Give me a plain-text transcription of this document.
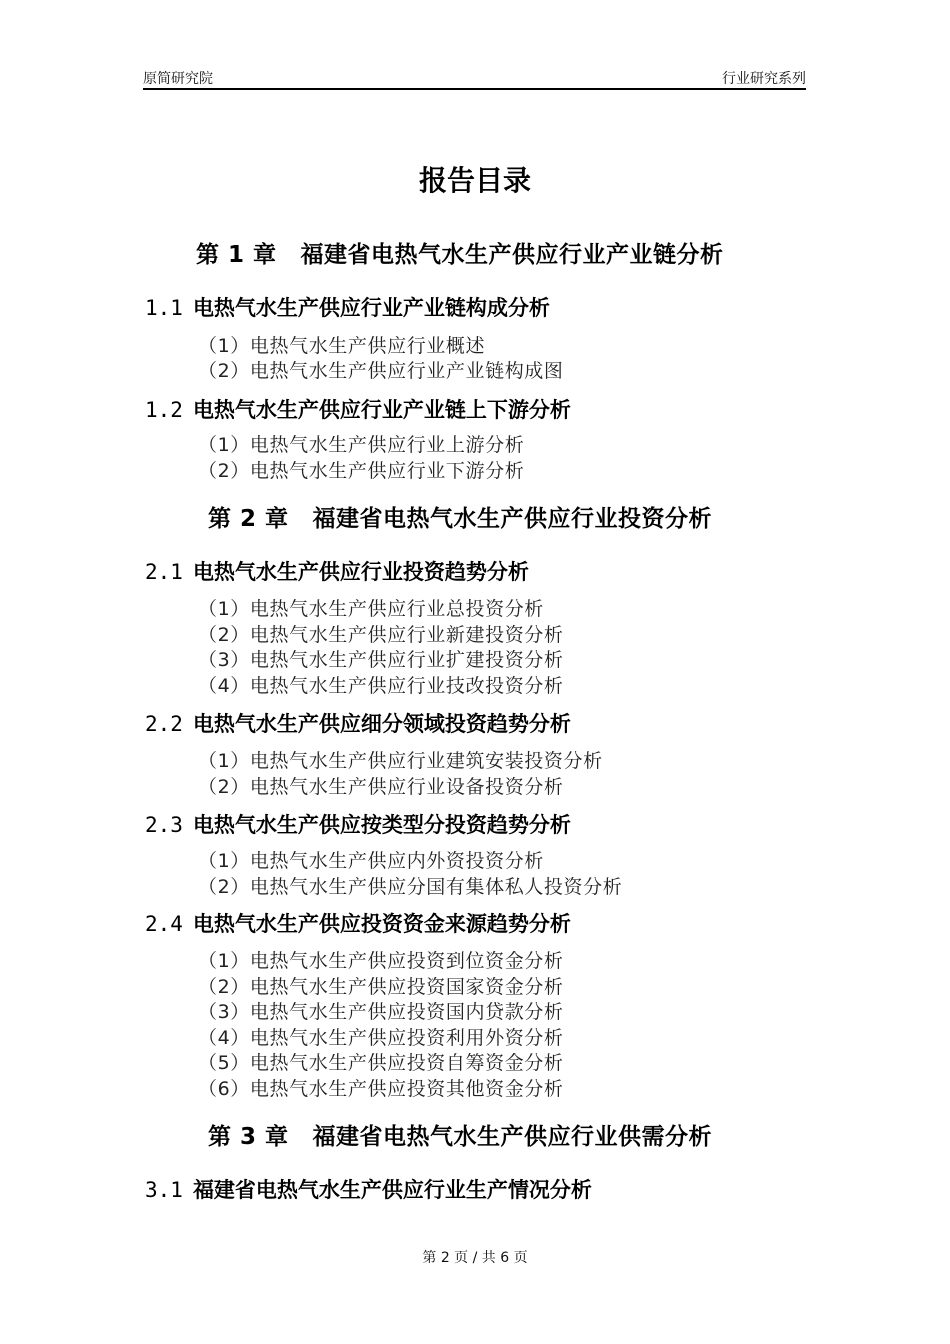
原简研究院	行业研究系列
报告目录
第 1 章 福建省电热气水生产供应行业产业链分析
1.1 电热气水生产供应行业产业链构成分析
（1）电热气水生产供应行业概述
（2）电热气水生产供应行业产业链构成图
1.2 电热气水生产供应行业产业链上下游分析
（1）电热气水生产供应行业上游分析
（2）电热气水生产供应行业下游分析
第 2 章 福建省电热气水生产供应行业投资分析
2.1 电热气水生产供应行业投资趋势分析
（1）电热气水生产供应行业总投资分析
（2）电热气水生产供应行业新建投资分析
（3）电热气水生产供应行业扩建投资分析
（4）电热气水生产供应行业技改投资分析
2.2 电热气水生产供应细分领域投资趋势分析
（1）电热气水生产供应行业建筑安装投资分析
（2）电热气水生产供应行业设备投资分析
2.3 电热气水生产供应按类型分投资趋势分析
（1）电热气水生产供应内外资投资分析
（2）电热气水生产供应分国有集体私人投资分析
2.4 电热气水生产供应投资资金来源趋势分析
（1）电热气水生产供应投资到位资金分析
（2）电热气水生产供应投资国家资金分析
（3）电热气水生产供应投资国内贷款分析
（4）电热气水生产供应投资利用外资分析
（5）电热气水生产供应投资自筹资金分析
（6）电热气水生产供应投资其他资金分析
第 3 章 福建省电热气水生产供应行业供需分析
3.1 福建省电热气水生产供应行业生产情况分析
第 2 页 / 共 6 页
